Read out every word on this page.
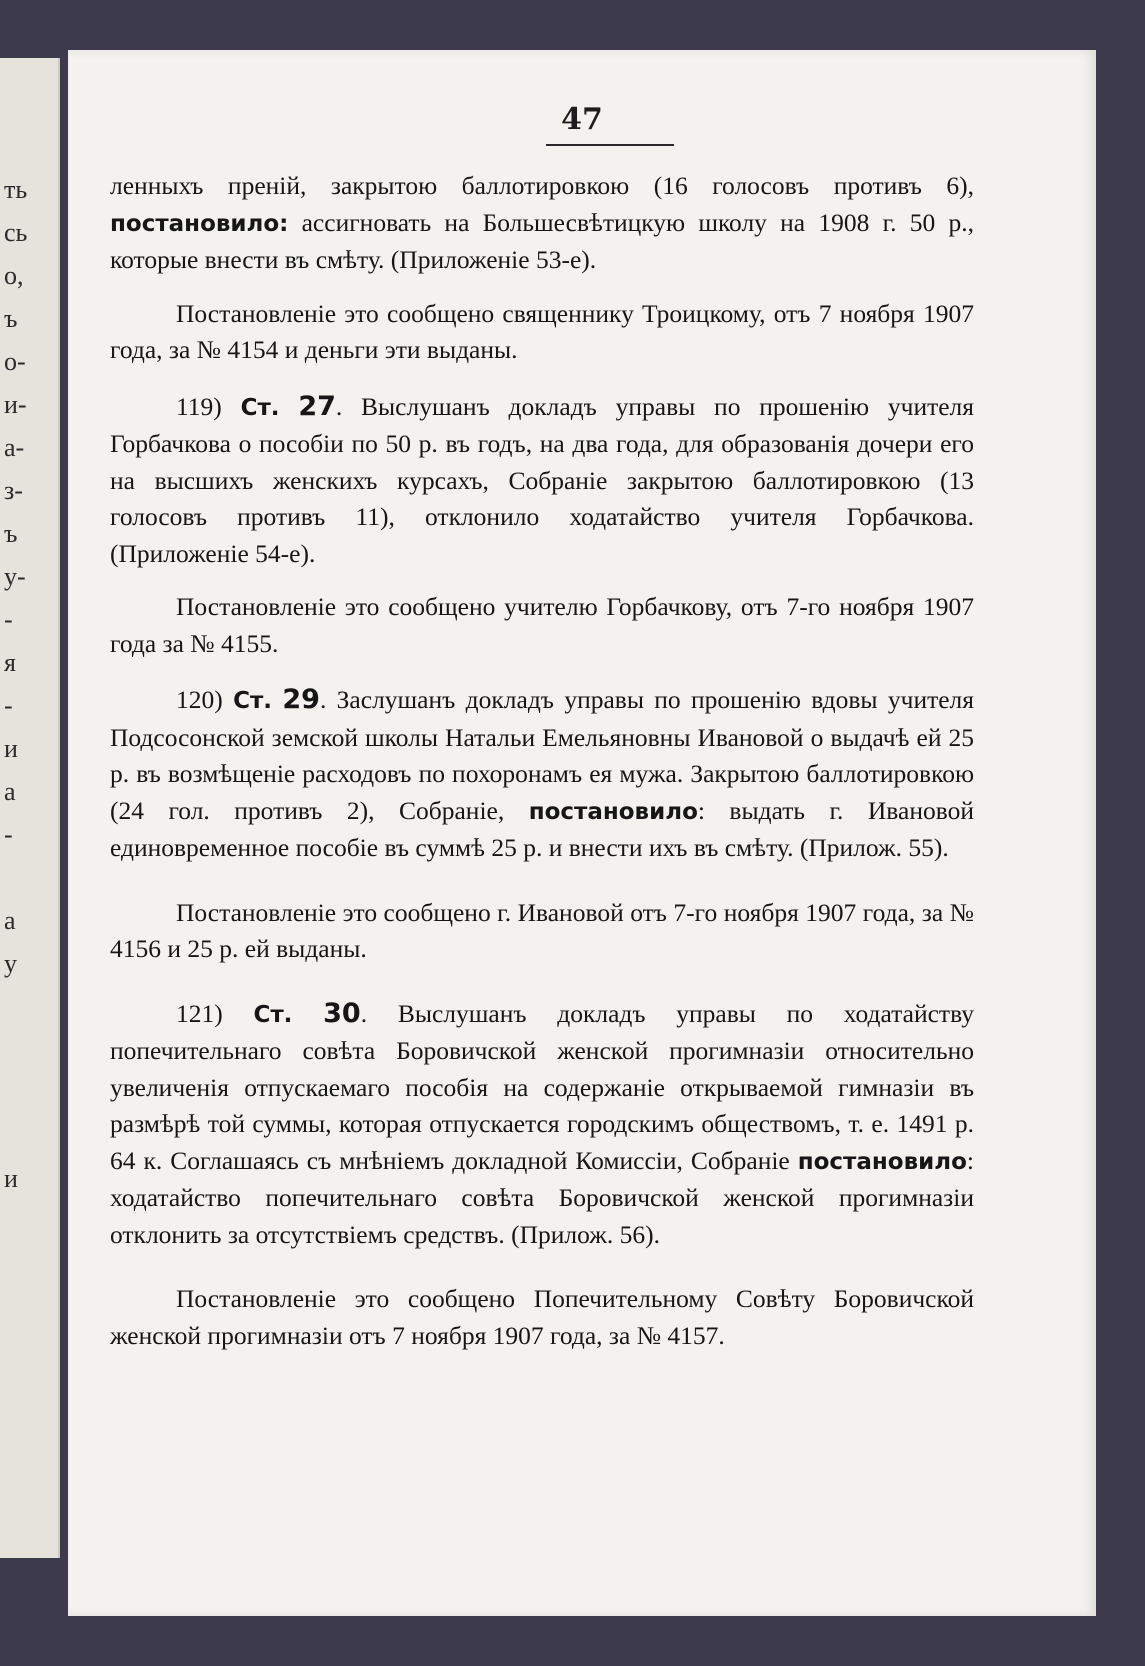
ть
сь
о,
ъ
о-
и-
а-
з-
ъ
у-
-
я
-
и
а
-
а
у
и
47

ленныхъ преній, закрытою баллотировкою (16 голосовъ противъ 6), постановило: ассигновать на Большесвѣтицкую школу на 1908 г. 50 р., которые внести въ смѣту. (Приложеніе 53-е).

Постановленіе это сообщено священнику Троицкому, отъ 7 ноября 1907 года, за № 4154 и деньги эти выданы.

119) Ст. 27. Выслушанъ докладъ управы по прошенію учителя Горбачкова о пособіи по 50 р. въ годъ, на два года, для образованія дочери его на высшихъ женскихъ курсахъ, Собраніе закрытою баллотировкою (13 голосовъ противъ 11), отклонило ходатайство учителя Горбачкова. (Приложеніе 54-е).

Постановленіе это сообщено учителю Горбачкову, отъ 7-го ноября 1907 года за № 4155.

120) Ст. 29. Заслушанъ докладъ управы по прошенію вдовы учителя Подсосонской земской школы Натальи Емельяновны Ивановой о выдачѣ ей 25 р. въ возмѣщеніе расходовъ по похоронамъ ея мужа. Закрытою баллотировкою (24 гол. противъ 2), Собраніе, постановило: выдать г. Ивановой единовременное пособіе въ суммѣ 25 р. и внести ихъ въ смѣту. (Прилож. 55).

Постановленіе это сообщено г. Ивановой отъ 7-го ноября 1907 года, за № 4156 и 25 р. ей выданы.

121) Ст. 30. Выслушанъ докладъ управы по ходатайству попечительнаго совѣта Боровичской женской прогимназіи относительно увеличенія отпускаемаго пособія на содержаніе открываемой гимназіи въ размѣрѣ той суммы, которая отпускается городскимъ обществомъ, т. е. 1491 р. 64 к. Соглашаясь съ мнѣніемъ докладной Комиссіи, Собраніе постановило: ходатайство попечительнаго совѣта Боровичской женской прогимназіи отклонить за отсутствіемъ средствъ. (Прилож. 56).

Постановленіе это сообщено Попечительному Совѣту Боровичской женской прогимназіи отъ 7 ноября 1907 года, за № 4157.
